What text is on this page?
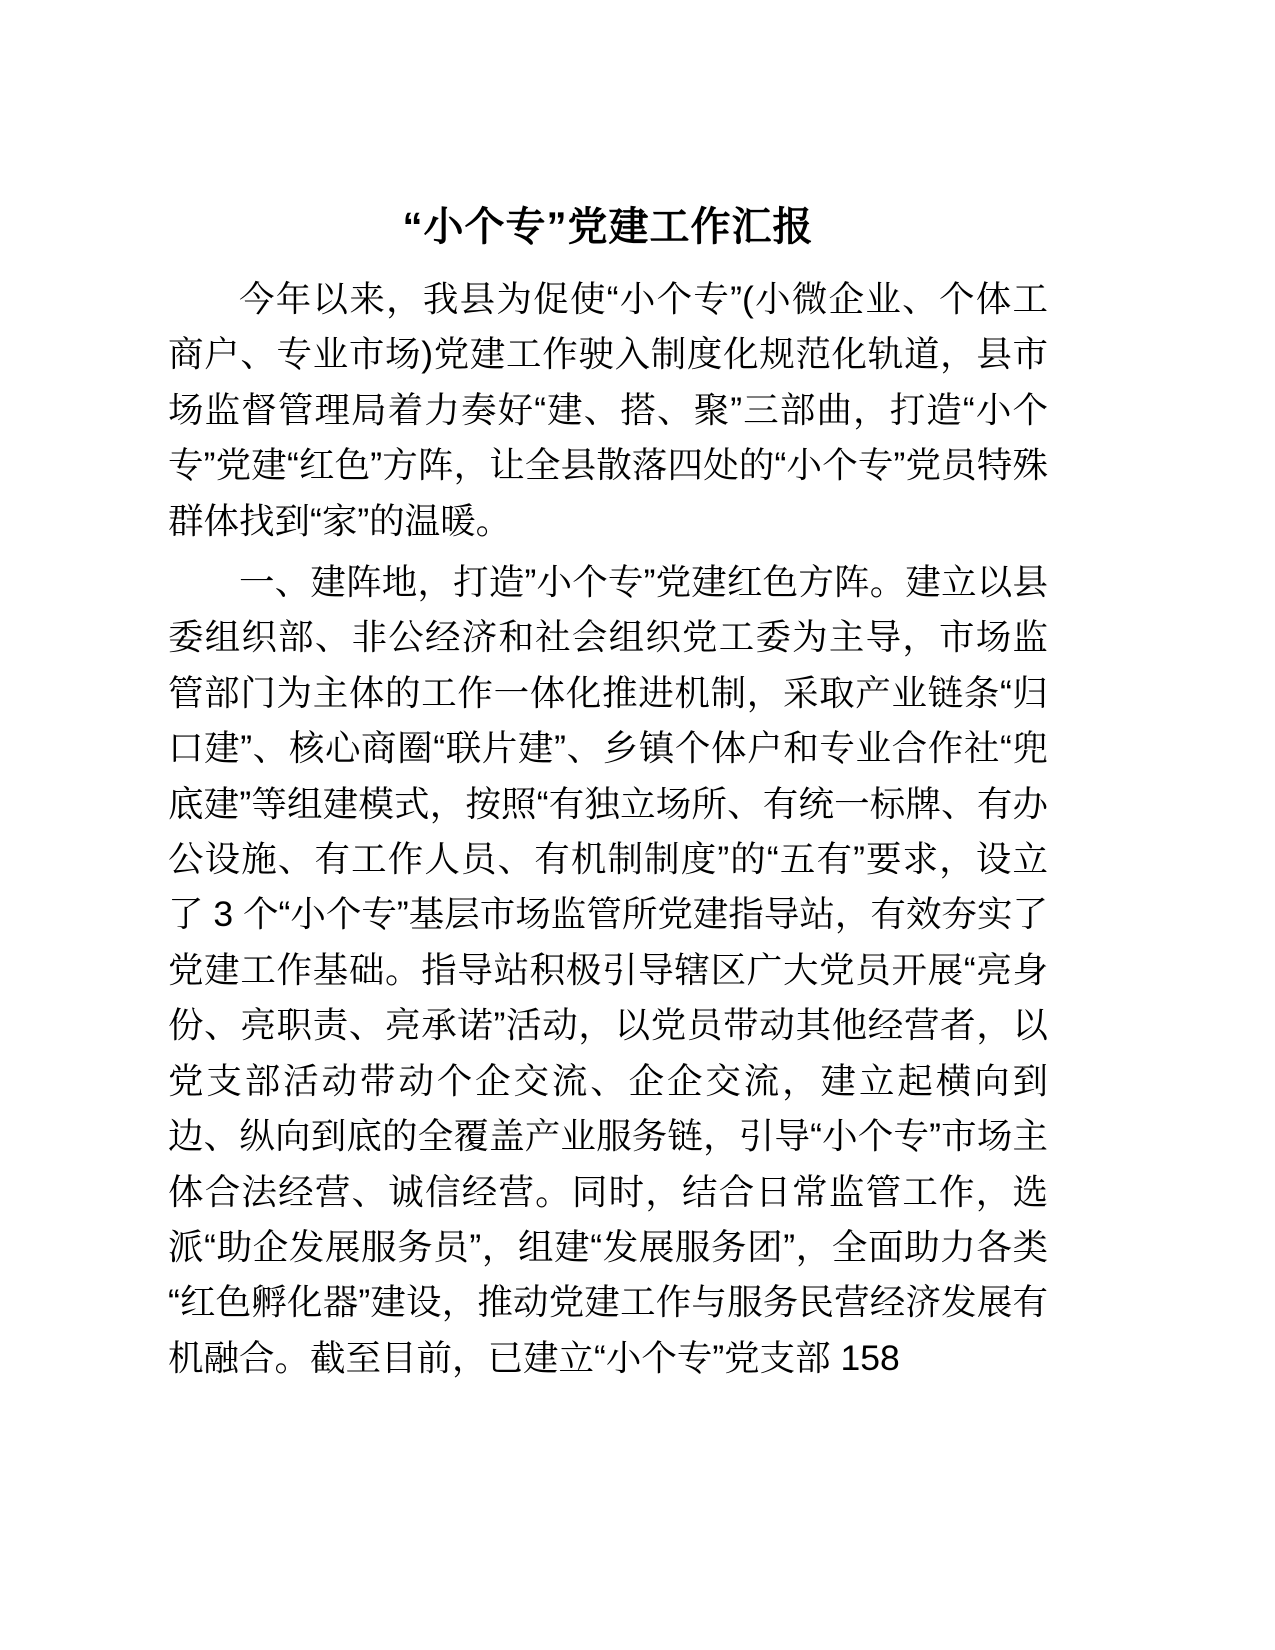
“小个专”党建工作汇报

今年以来，我县为促使“小个专”(小微企业、个体工商户、专业市场)党建工作驶入制度化规范化轨道，县市场监督管理局着力奏好“建、搭、聚”三部曲，打造“小个专”党建“红色”方阵，让全县散落四处的“小个专”党员特殊群体找到“家”的温暖。

一、建阵地，打造”小个专”党建红色方阵。建立以县委组织部、非公经济和社会组织党工委为主导，市场监管部门为主体的工作一体化推进机制，采取产业链条“归口建”、核心商圈“联片建”、乡镇个体户和专业合作社“兜底建”等组建模式，按照“有独立场所、有统一标牌、有办公设施、有工作人员、有机制制度”的“五有”要求，设立了 3 个“小个专”基层市场监管所党建指导站，有效夯实了党建工作基础。指导站积极引导辖区广大党员开展“亮身份、亮职责、亮承诺”活动，以党员带动其他经营者，以党支部活动带动个企交流、企企交流，建立起横向到边、纵向到底的全覆盖产业服务链，引导“小个专”市场主体合法经营、诚信经营。同时，结合日常监管工作，选派“助企发展服务员”，组建“发展服务团”，全面助力各类“红色孵化器”建设，推动党建工作与服务民营经济发展有机融合。截至目前，已建立“小个专”党支部 158
